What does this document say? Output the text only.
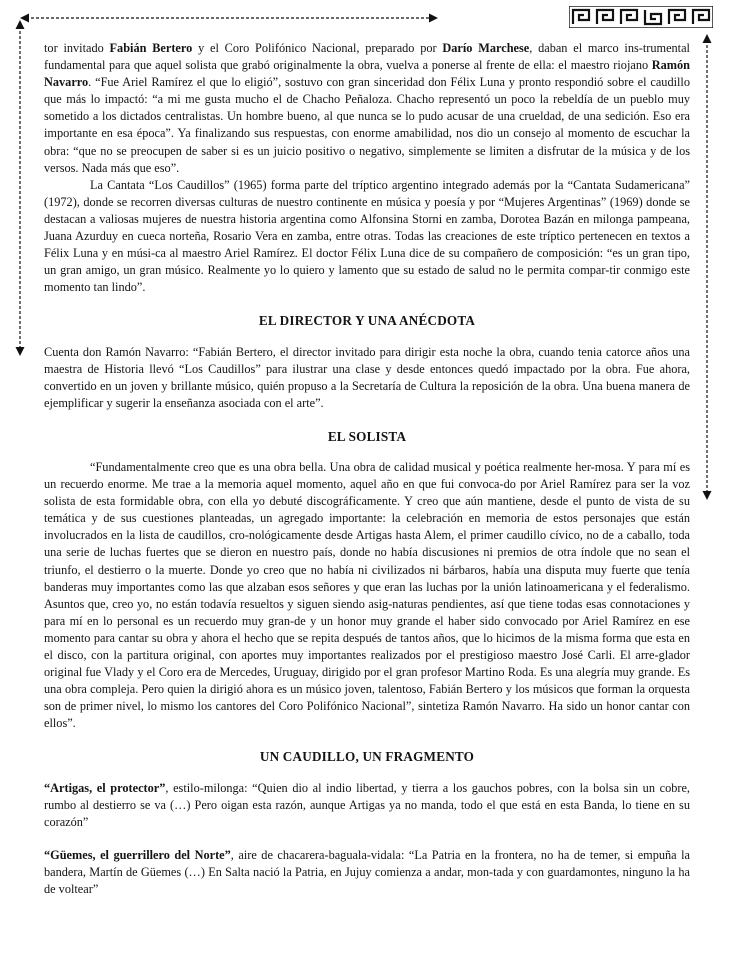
tor invitado Fabián Bertero y el Coro Polifónico Nacional, preparado por Darío Marchese, daban el marco ins-trumental fundamental para que aquel solista que grabó originalmente la obra, vuelva a ponerse al frente de ella: el maestro riojano Ramón Navarro. “Fue Ariel Ramírez el que lo eligió”, sostuvo con gran sinceridad don Félix Luna y pronto respondió sobre el caudillo que más lo impactó: “a mi me gusta mucho el de Chacho Peñaloza. Chacho representó un poco la rebeldía de un pueblo muy sometido a los dictados centralistas. Un hombre bueno, al que nunca se lo pudo acusar de una crueldad, de una sedición. Eso era importante en esa época”. Ya finalizando sus respuestas, con enorme amabilidad, nos dio un consejo al momento de escuchar la obra: “que no se preocupen de saber si es un juicio positivo o negativo, simplemente se limiten a disfrutar de la música y de los versos. Nada más que eso”.

La Cantata “Los Caudillos” (1965) forma parte del tríptico argentino integrado además por la “Cantata Sudamericana” (1972), donde se recorren diversas culturas de nuestro continente en música y poesía y por “Mujeres Argentinas” (1969) donde se destacan a valiosas mujeres de nuestra historia argentina como Alfonsina Storni en zamba, Dorotea Bazán en milonga pampeana, Juana Azurduy en cueca norteña, Rosario Vera en zamba, entre otras. Todas las creaciones de este tríptico pertenecen en textos a Félix Luna y en músi-ca al maestro Ariel Ramírez. El doctor Félix Luna dice de su compañero de composición: “es un gran tipo, un gran amigo, un gran músico. Realmente yo lo quiero y lamento que su estado de salud no le permita compar-tir conmigo este momento tan lindo”.

EL DIRECTOR Y UNA ANÉCDOTA

Cuenta don Ramón Navarro: “Fabián Bertero, el director invitado para dirigir esta noche la obra, cuando tenia catorce años una maestra de Historia llevó “Los Caudillos” para ilustrar una clase y desde entonces quedó impactado por la obra. Fue ahora, convertido en un joven y brillante músico, quién propuso a la Secretaría de Cultura la reposición de la obra. Una buena manera de ejemplificar y sugerir la enseñanza asociada con el arte”.

EL SOLISTA

“Fundamentalmente creo que es una obra bella. Una obra de calidad musical y poética realmente her-mosa. Y para mí es un recuerdo enorme. Me trae a la memoria aquel momento, aquel año en que fui convoca-do por Ariel Ramírez para ser la voz solista de esta formidable obra, con ella yo debuté discográficamente. Y creo que aún mantiene, desde el punto de vista de su temática y de sus cuestiones planteadas, un agregado importante: la celebración en memoria de estos personajes que están involucrados en la lista de caudillos, cro-nológicamente desde Artigas hasta Alem, el primer caudillo cívico, no de a caballo, toda una serie de luchas fuertes que se dieron en nuestro país, donde no había discusiones ni premios de otra índole que no sean el triunfo, el destierro o la muerte. Donde yo creo que no había ni civilizados ni bárbaros, había una disputa muy fuerte que tenía banderas muy importantes como las que alzaban esos señores y que eran las luchas por la unión latinoamericana y el federalismo. Asuntos que, creo yo, no están todavía resueltos y siguen siendo asig-naturas pendientes, así que tiene todas esas connotaciones y para mí en lo personal es un recuerdo muy gran-de y un honor muy grande el haber sido convocado por Ariel Ramírez en ese momento para cantar su obra y ahora el hecho que se repita después de tantos años, que lo hicimos de la misma forma que esta en el disco, con la partitura original, con aportes muy importantes realizados por el prestigioso maestro José Carli. El arre-glador original fue Vlady y el Coro era de Mercedes, Uruguay, dirigido por el gran profesor Martino Roda. Es una alegría muy grande. Es una obra compleja. Pero quien la dirigió ahora es un músico joven, talentoso, Fabián Bertero y los músicos que forman la orquesta son de primer nivel, lo mismo los cantores del Coro Polifónico Nacional”, sintetiza Ramón Navarro. Ha sido un honor cantar con ellos”.

UN CAUDILLO, UN FRAGMENTO

“Artigas, el protector”, estilo-milonga: “Quien dio al indio libertad, y tierra a los gauchos pobres, con la bolsa sin un cobre, rumbo al destierro se va (…) Pero oigan esta razón, aunque Artigas ya no manda, todo el que está en esta Banda, lo tiene en su corazón”

“Güemes, el guerrillero del Norte”, aire de chacarera-baguala-vidala: “La Patria en la frontera, no ha de temer, si empuña la bandera, Martín de Güemes (…) En Salta nació la Patria, en Jujuy comienza a andar, mon-tada y con guardamontes, ninguno la ha de voltear”
